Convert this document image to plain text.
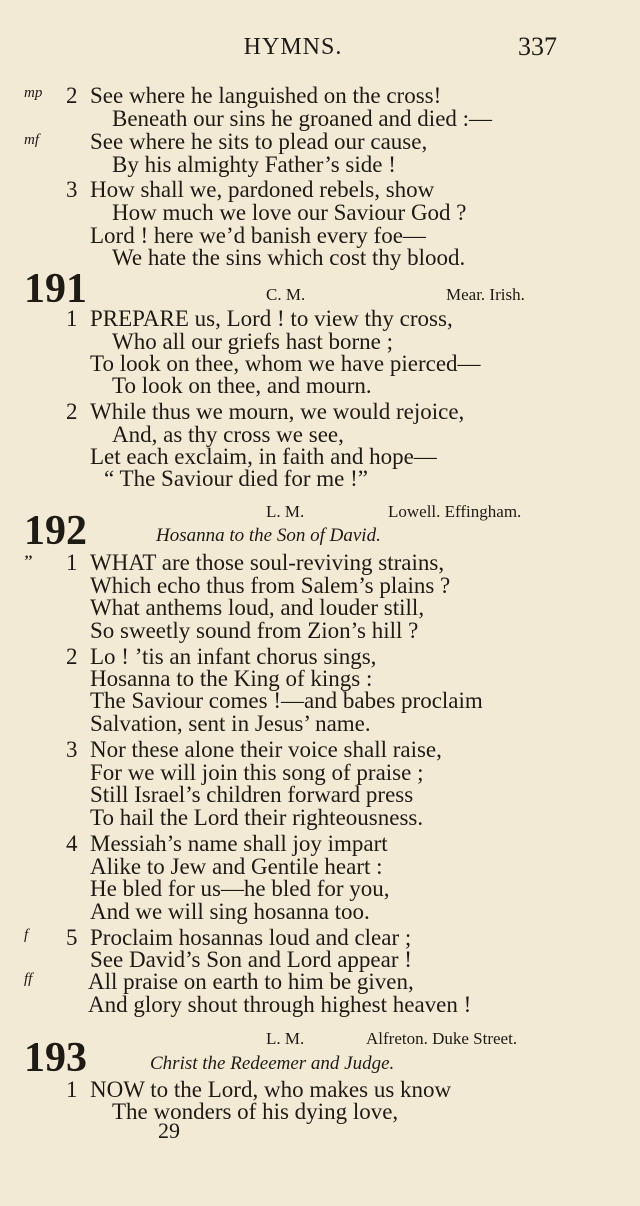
HYMNS.	337
mp 2 See where he languished on the cross!
Beneath our sins he groaned and died :—
mf See where he sits to plead our cause,
By his almighty Father’s side !
3 How shall we, pardoned rebels, show
How much we love our Saviour God ?
Lord ! here we’d banish every foe—
We hate the sins which cost thy blood.
191	C. M.	Mear. Irish.
1 PREPARE us, Lord ! to view thy cross,
Who all our griefs hast borne ;
To look on thee, whom we have pierced—
To look on thee, and mourn.
2 While thus we mourn, we would rejoice,
And, as thy cross we see,
Let each exclaim, in faith and hope—
“ The Saviour died for me !”
L. M.	Lowell. Effingham.
192	Hosanna to the Son of David.
’’ 1 WHAT are those soul-reviving strains,
Which echo thus from Salem’s plains ?
What anthems loud, and louder still,
So sweetly sound from Zion’s hill ?
2 Lo ! ’tis an infant chorus sings,
Hosanna to the King of kings :
The Saviour comes !—and babes proclaim
Salvation, sent in Jesus’ name.
3 Nor these alone their voice shall raise,
For we will join this song of praise ;
Still Israel’s children forward press
To hail the Lord their righteousness.
4 Messiah’s name shall joy impart
Alike to Jew and Gentile heart :
He bled for us—he bled for you,
And we will sing hosanna too.
f 5 Proclaim hosannas loud and clear ;
See David’s Son and Lord appear !
ff All praise on earth to him be given,
And glory shout through highest heaven !
L. M.	Alfreton. Duke Street.
193	Christ the Redeemer and Judge.
1 NOW to the Lord, who makes us know
The wonders of his dying love,
29
